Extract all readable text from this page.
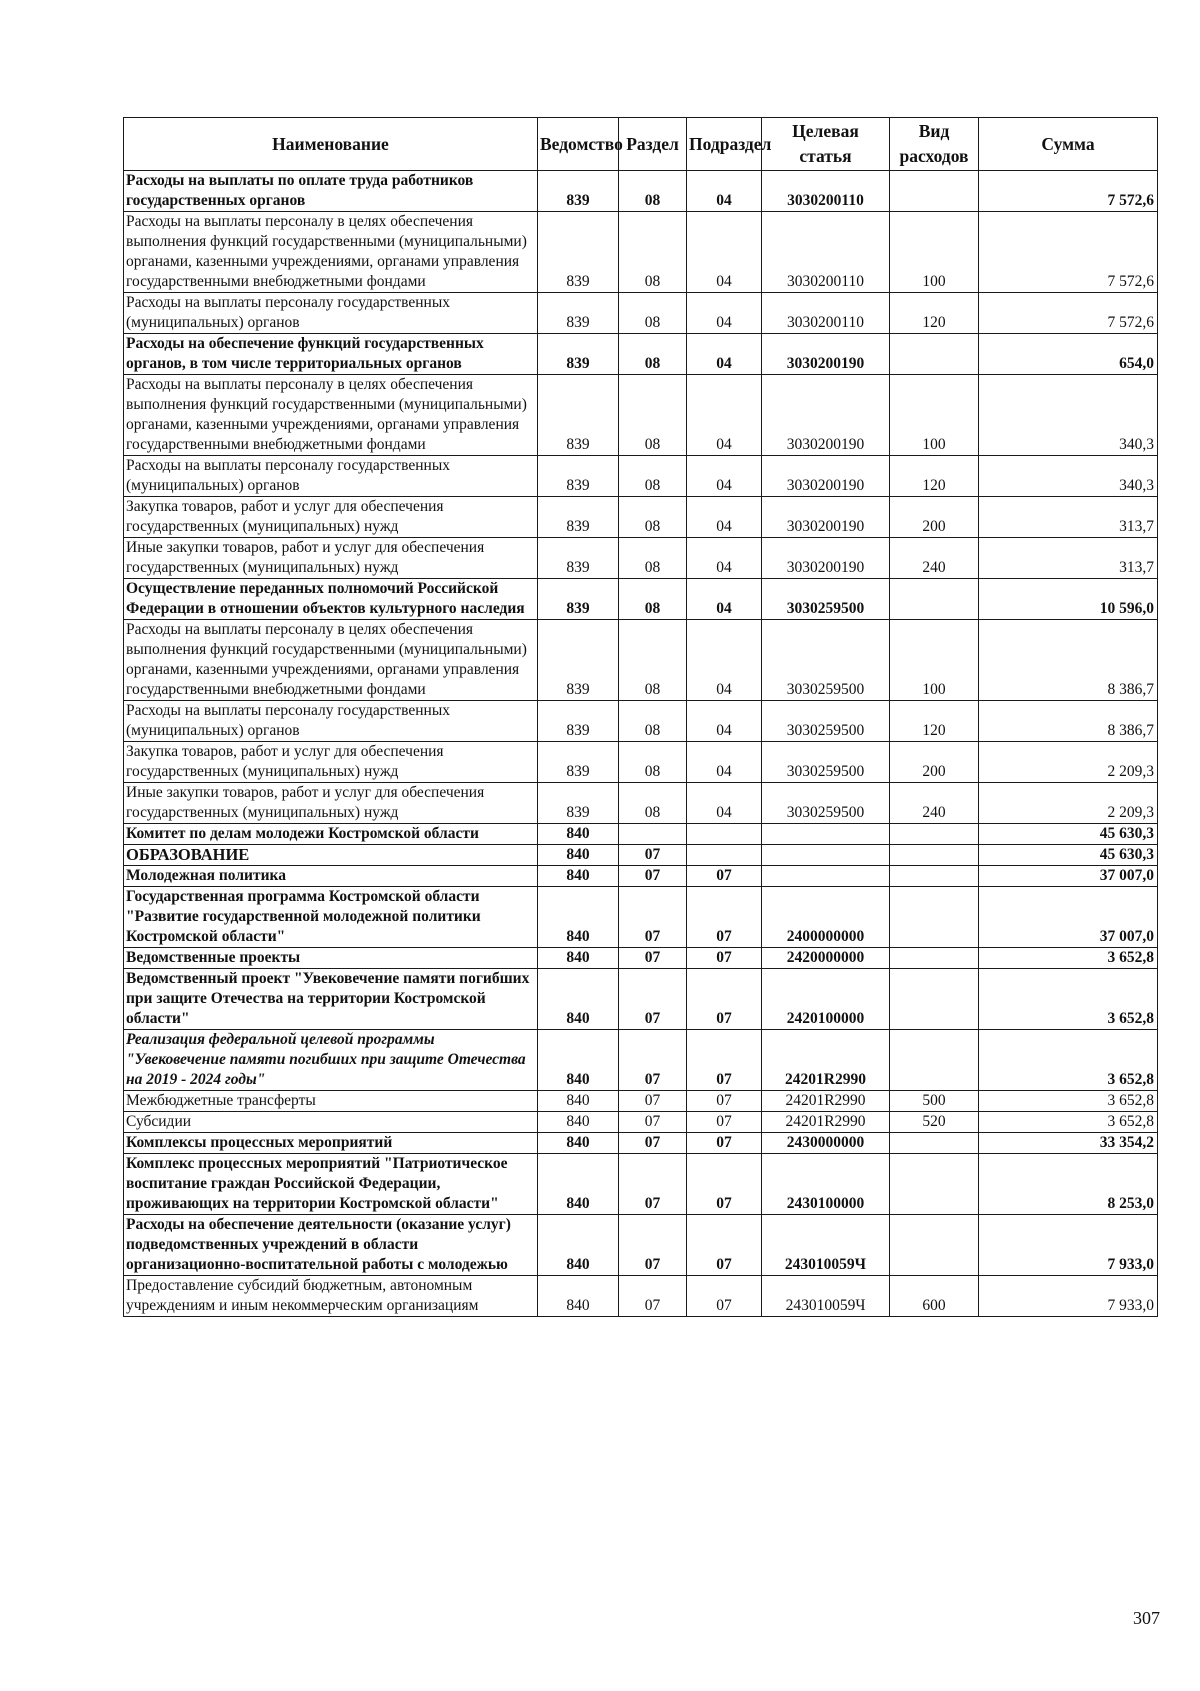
Наименование	Ведомство	Раздел	Подраздел	Целевая статья	Вид расходов	Сумма
Расходы на выплаты по оплате труда работников государственных органов	839	08	04	3030200110		7 572,6
Расходы на выплаты персоналу в целях обеспечения выполнения функций государственными (муниципальными) органами, казенными учреждениями, органами управления государственными внебюджетными фондами	839	08	04	3030200110	100	7 572,6
Расходы на выплаты персоналу государственных (муниципальных) органов	839	08	04	3030200110	120	7 572,6
Расходы на обеспечение функций государственных органов, в том числе территориальных органов	839	08	04	3030200190		654,0
Расходы на выплаты персоналу в целях обеспечения выполнения функций государственными (муниципальными) органами, казенными учреждениями, органами управления государственными внебюджетными фондами	839	08	04	3030200190	100	340,3
Расходы на выплаты персоналу государственных (муниципальных) органов	839	08	04	3030200190	120	340,3
Закупка товаров, работ и услуг для обеспечения государственных (муниципальных) нужд	839	08	04	3030200190	200	313,7
Иные закупки товаров, работ и услуг для обеспечения государственных (муниципальных) нужд	839	08	04	3030200190	240	313,7
Осуществление переданных полномочий Российской Федерации в отношении объектов культурного наследия	839	08	04	3030259500		10 596,0
Расходы на выплаты персоналу в целях обеспечения выполнения функций государственными (муниципальными) органами, казенными учреждениями, органами управления государственными внебюджетными фондами	839	08	04	3030259500	100	8 386,7
Расходы на выплаты персоналу государственных (муниципальных) органов	839	08	04	3030259500	120	8 386,7
Закупка товаров, работ и услуг для обеспечения государственных (муниципальных) нужд	839	08	04	3030259500	200	2 209,3
Иные закупки товаров, работ и услуг для обеспечения государственных (муниципальных) нужд	839	08	04	3030259500	240	2 209,3
Комитет по делам молодежи Костромской области	840					45 630,3
ОБРАЗОВАНИЕ	840	07				45 630,3
Молодежная политика	840	07	07			37 007,0
Государственная программа Костромской области "Развитие государственной молодежной политики Костромской области"	840	07	07	2400000000		37 007,0
Ведомственные проекты	840	07	07	2420000000		3 652,8
Ведомственный проект "Увековечение памяти погибших при защите Отечества на территории Костромской области"	840	07	07	2420100000		3 652,8
Реализация федеральной целевой программы "Увековечение памяти погибших при защите Отечества на 2019 - 2024 годы"	840	07	07	24201R2990		3 652,8
Межбюджетные трансферты	840	07	07	24201R2990	500	3 652,8
Субсидии	840	07	07	24201R2990	520	3 652,8
Комплексы процессных мероприятий	840	07	07	2430000000		33 354,2
Комплекс процессных мероприятий "Патриотическое воспитание граждан Российской Федерации, проживающих на территории Костромской области"	840	07	07	2430100000		8 253,0
Расходы на обеспечение деятельности (оказание услуг) подведомственных учреждений в области организационно-воспитательной работы с молодежью	840	07	07	243010059Ч		7 933,0
Предоставление субсидий бюджетным, автономным учреждениям и иным некоммерческим организациям	840	07	07	243010059Ч	600	7 933,0
307
